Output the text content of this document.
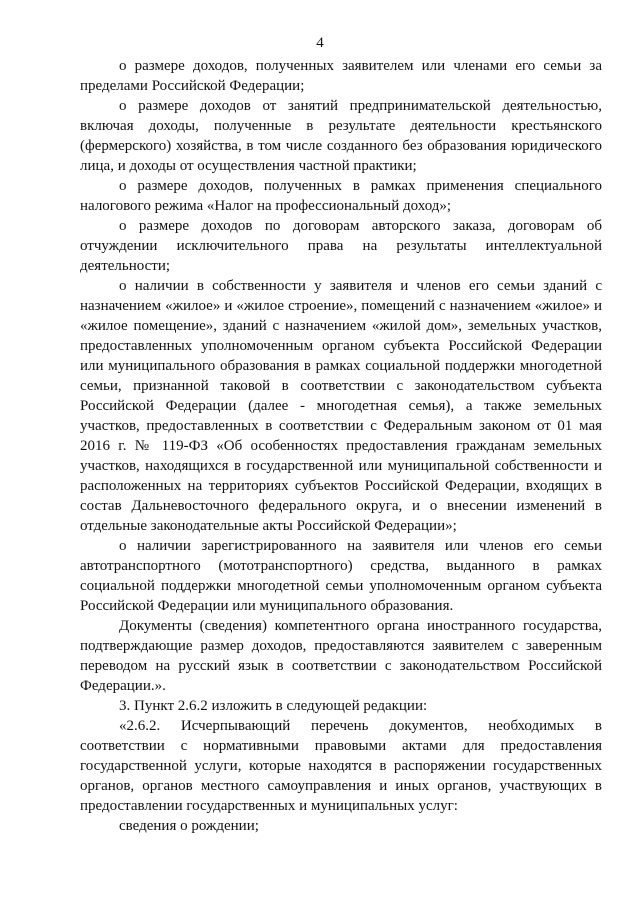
4

о размере доходов, полученных заявителем или членами его семьи за пределами Российской Федерации;

о размере доходов от занятий предпринимательской деятельностью, включая доходы, полученные в результате деятельности крестьянского (фермерского) хозяйства, в том числе созданного без образования юридического лица, и доходы от осуществления частной практики;

о размере доходов, полученных в рамках применения специального налогового режима «Налог на профессиональный доход»;

о размере доходов по договорам авторского заказа, договорам об отчуждении исключительного права на результаты интеллектуальной деятельности;

о наличии в собственности у заявителя и членов его семьи зданий с назначением «жилое» и «жилое строение», помещений с назначением «жилое» и «жилое помещение», зданий с назначением «жилой дом», земельных участков, предоставленных уполномоченным органом субъекта Российской Федерации или муниципального образования в рамках социальной поддержки многодетной семьи, признанной таковой в соответствии с законодательством субъекта Российской Федерации (далее - многодетная семья), а также земельных участков, предоставленных в соответствии с Федеральным законом от 01 мая 2016 г. № 119-ФЗ «Об особенностях предоставления гражданам земельных участков, находящихся в государственной или муниципальной собственности и расположенных на территориях субъектов Российской Федерации, входящих в состав Дальневосточного федерального округа, и о внесении изменений в отдельные законодательные акты Российской Федерации»;

о наличии зарегистрированного на заявителя или членов его семьи автотранспортного (мототранспортного) средства, выданного в рамках социальной поддержки многодетной семьи уполномоченным органом субъекта Российской Федерации или муниципального образования.

Документы (сведения) компетентного органа иностранного государства, подтверждающие размер доходов, предоставляются заявителем с заверенным переводом на русский язык в соответствии с законодательством Российской Федерации.».

3. Пункт 2.6.2 изложить в следующей редакции:

«2.6.2. Исчерпывающий перечень документов, необходимых в соответствии с нормативными правовыми актами для предоставления государственной услуги, которые находятся в распоряжении государственных органов, органов местного самоуправления и иных органов, участвующих в предоставлении государственных и муниципальных услуг:

сведения о рождении;
